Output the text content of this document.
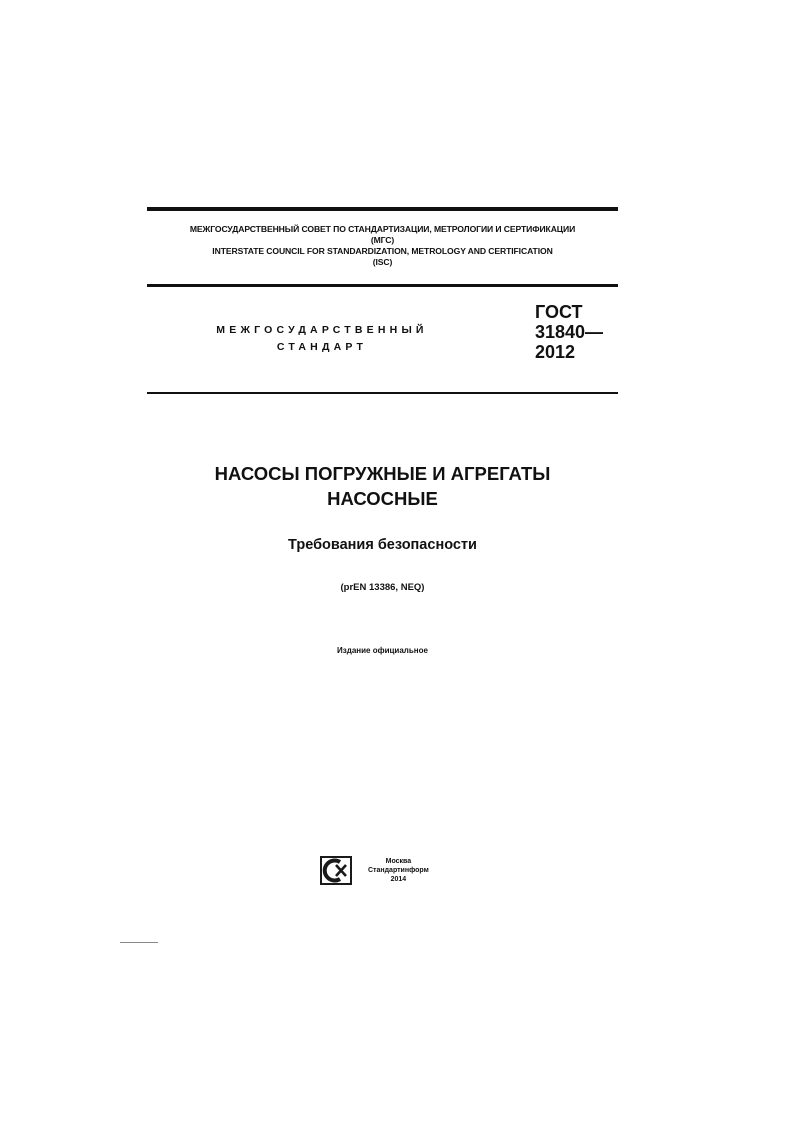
МЕЖГОСУДАРСТВЕННЫЙ СОВЕТ ПО СТАНДАРТИЗАЦИИ, МЕТРОЛОГИИ И СЕРТИФИКАЦИИ
(МГС)
INTERSTATE COUNCIL FOR STANDARDIZATION, METROLOGY AND CERTIFICATION
(ISC)
МЕЖГОСУДАРСТВЕННЫЙ
СТАНДАРТ
ГОСТ
31840—
2012
НАСОСЫ ПОГРУЖНЫЕ И АГРЕГАТЫ
НАСОСНЫЕ
Требования безопасности
(prEN 13386, NEQ)
Издание официальное
Москва
Стандартинформ
2014
